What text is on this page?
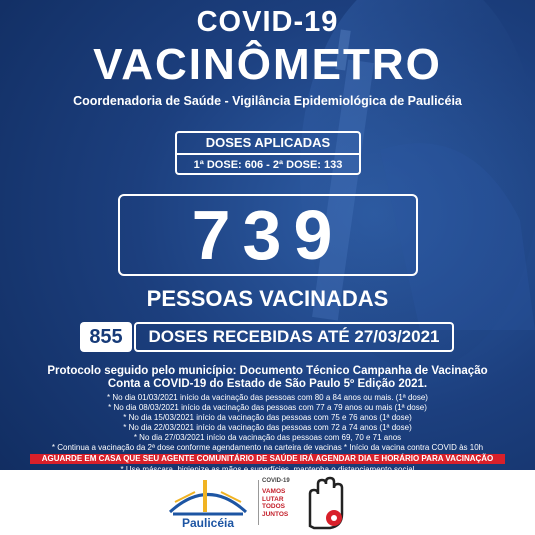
COVID-19
VACINÔMETRO
Coordenadoria de Saúde - Vigilância Epidemiológica de Paulicéia
DOSES APLICADAS
1ª DOSE: 606 - 2ª DOSE: 133
739
PESSOAS VACINADAS
855	DOSES RECEBIDAS ATÉ 27/03/2021
Protocolo seguido pelo município: Documento Técnico Campanha de Vacinação
Conta a COVID-19 do Estado de São Paulo 5º Edição 2021.
* No dia 01/03/2021 início da vacinação das pessoas com 80 a 84 anos ou mais. (1ª dose)
* No dia 08/03/2021 início da vacinação das pessoas com 77 a 79 anos ou mais (1ª dose)
* No dia 15/03/2021 início da vacinação das pessoas com 75 e 76 anos (1ª dose)
* No dia 22/03/2021 início da vacinação das pessoas com 72 a 74 anos (1ª dose)
* No dia 27/03/2021 início da vacinação das pessoas com 69, 70 e 71 anos
* Continua a vacinação da 2ª dose conforme agendamento na carteira de vacinas * Início da vacina contra COVID às 10h
AGUARDE EM CASA QUE SEU AGENTE COMUNITÁRIO DE SAÚDE IRÁ AGENDAR DIA E HORÁRIO PARA VACINAÇÃO
Paulicéia
COVID-19
VAMOS LUTAR TODOS JUNTOS
